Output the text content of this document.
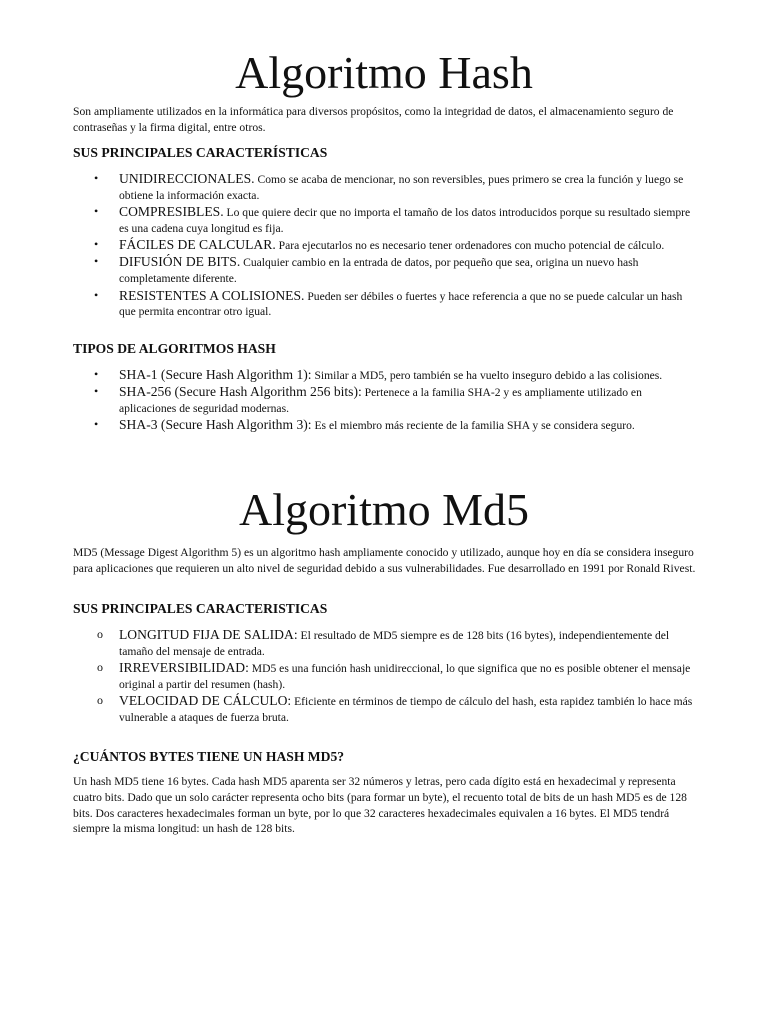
Algoritmo Hash

Son ampliamente utilizados en la informática para diversos propósitos, como la integridad de datos, el almacenamiento seguro de contraseñas y la firma digital, entre otros.

SUS PRINCIPALES CARACTERÍSTICAS
•
UNIDIRECCIONALES. Como se acaba de mencionar, no son reversibles, pues primero se crea la función y luego se obtiene la información exacta.
•
COMPRESIBLES. Lo que quiere decir que no importa el tamaño de los datos introducidos porque su resultado siempre es una cadena cuya longitud es fija.
•
FÁCILES DE CALCULAR. Para ejecutarlos no es necesario tener ordenadores con mucho potencial de cálculo.
•
DIFUSIÓN DE BITS. Cualquier cambio en la entrada de datos, por pequeño que sea, origina un nuevo hash completamente diferente.
•
RESISTENTES A COLISIONES. Pueden ser débiles o fuertes y hace referencia a que no se puede calcular un hash que permita encontrar otro igual.
TIPOS DE ALGORITMOS HASH
•
SHA-1 (Secure Hash Algorithm 1): Similar a MD5, pero también se ha vuelto inseguro debido a las colisiones.
•
SHA-256 (Secure Hash Algorithm 256 bits): Pertenece a la familia SHA-2 y es ampliamente utilizado en aplicaciones de seguridad modernas.
•
SHA-3 (Secure Hash Algorithm 3): Es el miembro más reciente de la familia SHA y se considera seguro.
Algoritmo Md5

MD5 (Message Digest Algorithm 5) es un algoritmo hash ampliamente conocido y utilizado, aunque hoy en día se considera inseguro para aplicaciones que requieren un alto nivel de seguridad debido a sus vulnerabilidades. Fue desarrollado en 1991 por Ronald Rivest.

SUS PRINCIPALES CARACTERISTICAS
o LONGITUD FIJA DE SALIDA: El resultado de MD5 siempre es de 128 bits (16 bytes), independientemente del tamaño del mensaje de entrada.
o IRREVERSIBILIDAD: MD5 es una función hash unidireccional, lo que significa que no es posible obtener el mensaje original a partir del resumen (hash).
o VELOCIDAD DE CÁLCULO: Eficiente en términos de tiempo de cálculo del hash, esta rapidez también lo hace más vulnerable a ataques de fuerza bruta.
¿CUÁNTOS BYTES TIENE UN HASH MD5?

Un hash MD5 tiene 16 bytes. Cada hash MD5 aparenta ser 32 números y letras, pero cada dígito está en hexadecimal y representa cuatro bits. Dado que un solo carácter representa ocho bits (para formar un byte), el recuento total de bits de un hash MD5 es de 128 bits. Dos caracteres hexadecimales forman un byte, por lo que 32 caracteres hexadecimales equivalen a 16 bytes. El MD5 tendrá siempre la misma longitud: un hash de 128 bits.
